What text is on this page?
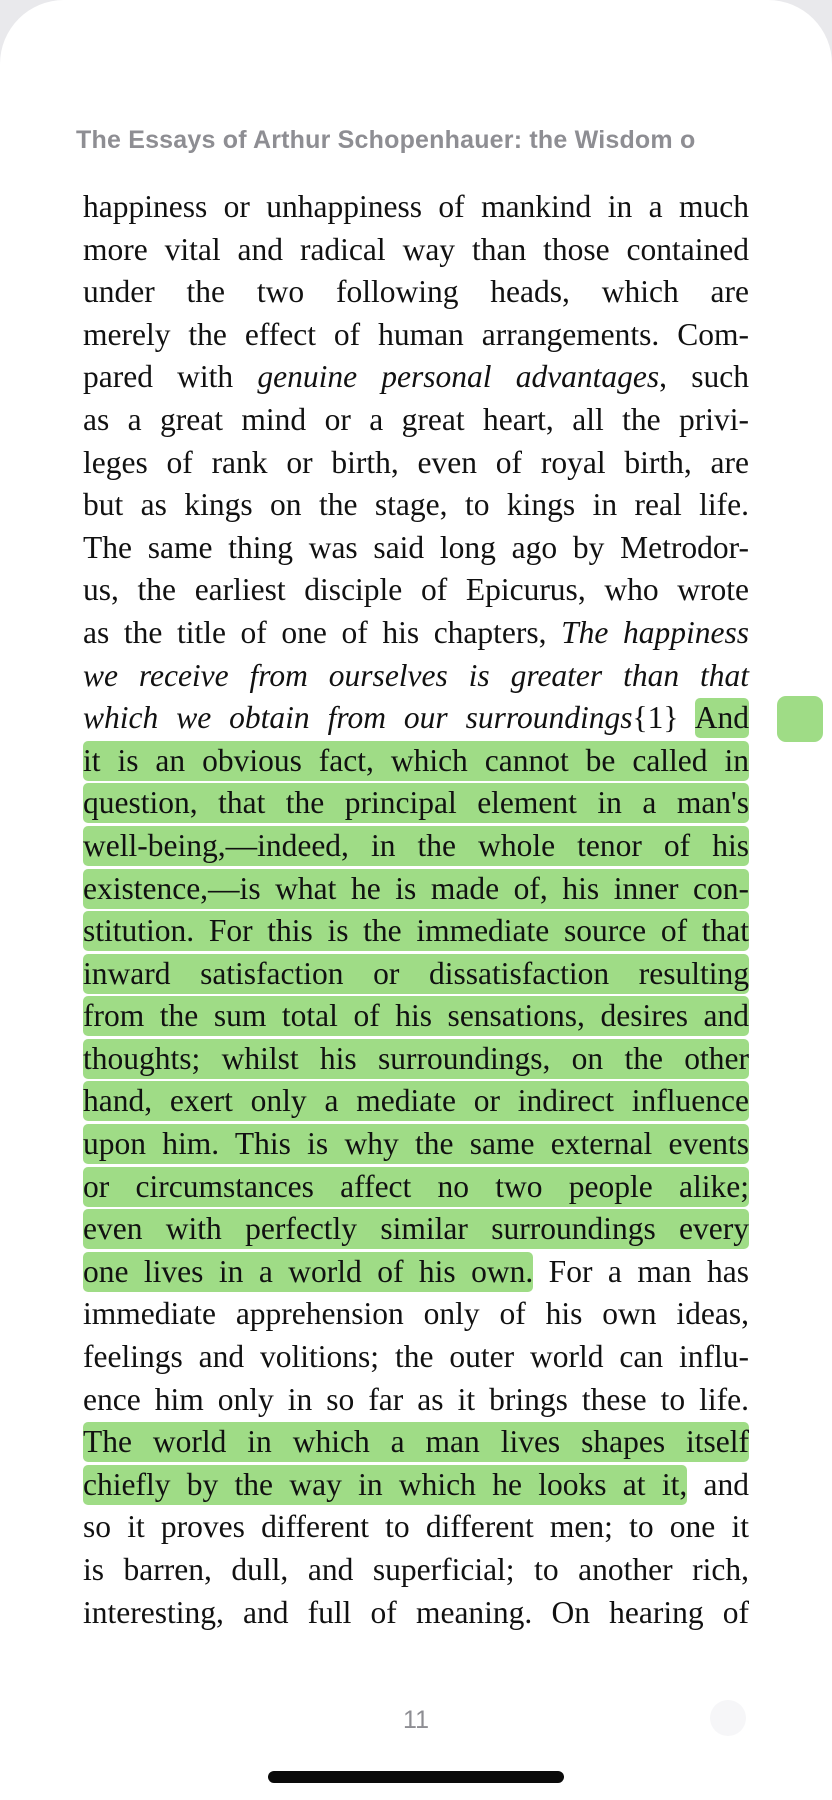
The Essays of Arthur Schopenhauer: the Wisdom o
happiness or unhappiness of mankind in a much
more vital and radical way than those contained
under the two following heads, which are
merely the effect of human arrangements. Com-
pared with genuine personal advantages, such
as a great mind or a great heart, all the privi-
leges of rank or birth, even of royal birth, are
but as kings on the stage, to kings in real life.
The same thing was said long ago by Metrodor-
us, the earliest disciple of Epicurus, who wrote
as the title of one of his chapters, The happiness
we receive from ourselves is greater than that
which we obtain from our surroundings{1} And
it is an obvious fact, which cannot be called in
question, that the principal element in a man's
well-being,—indeed, in the whole tenor of his
existence,—is what he is made of, his inner con-
stitution. For this is the immediate source of that
inward satisfaction or dissatisfaction resulting
from the sum total of his sensations, desires and
thoughts; whilst his surroundings, on the other
hand, exert only a mediate or indirect influence
upon him. This is why the same external events
or circumstances affect no two people alike;
even with perfectly similar surroundings every
one lives in a world of his own. For a man has
immediate apprehension only of his own ideas,
feelings and volitions; the outer world can influ-
ence him only in so far as it brings these to life.
The world in which a man lives shapes itself
chiefly by the way in which he looks at it, and
so it proves different to different men; to one it
is barren, dull, and superficial; to another rich,
interesting, and full of meaning. On hearing of
11
